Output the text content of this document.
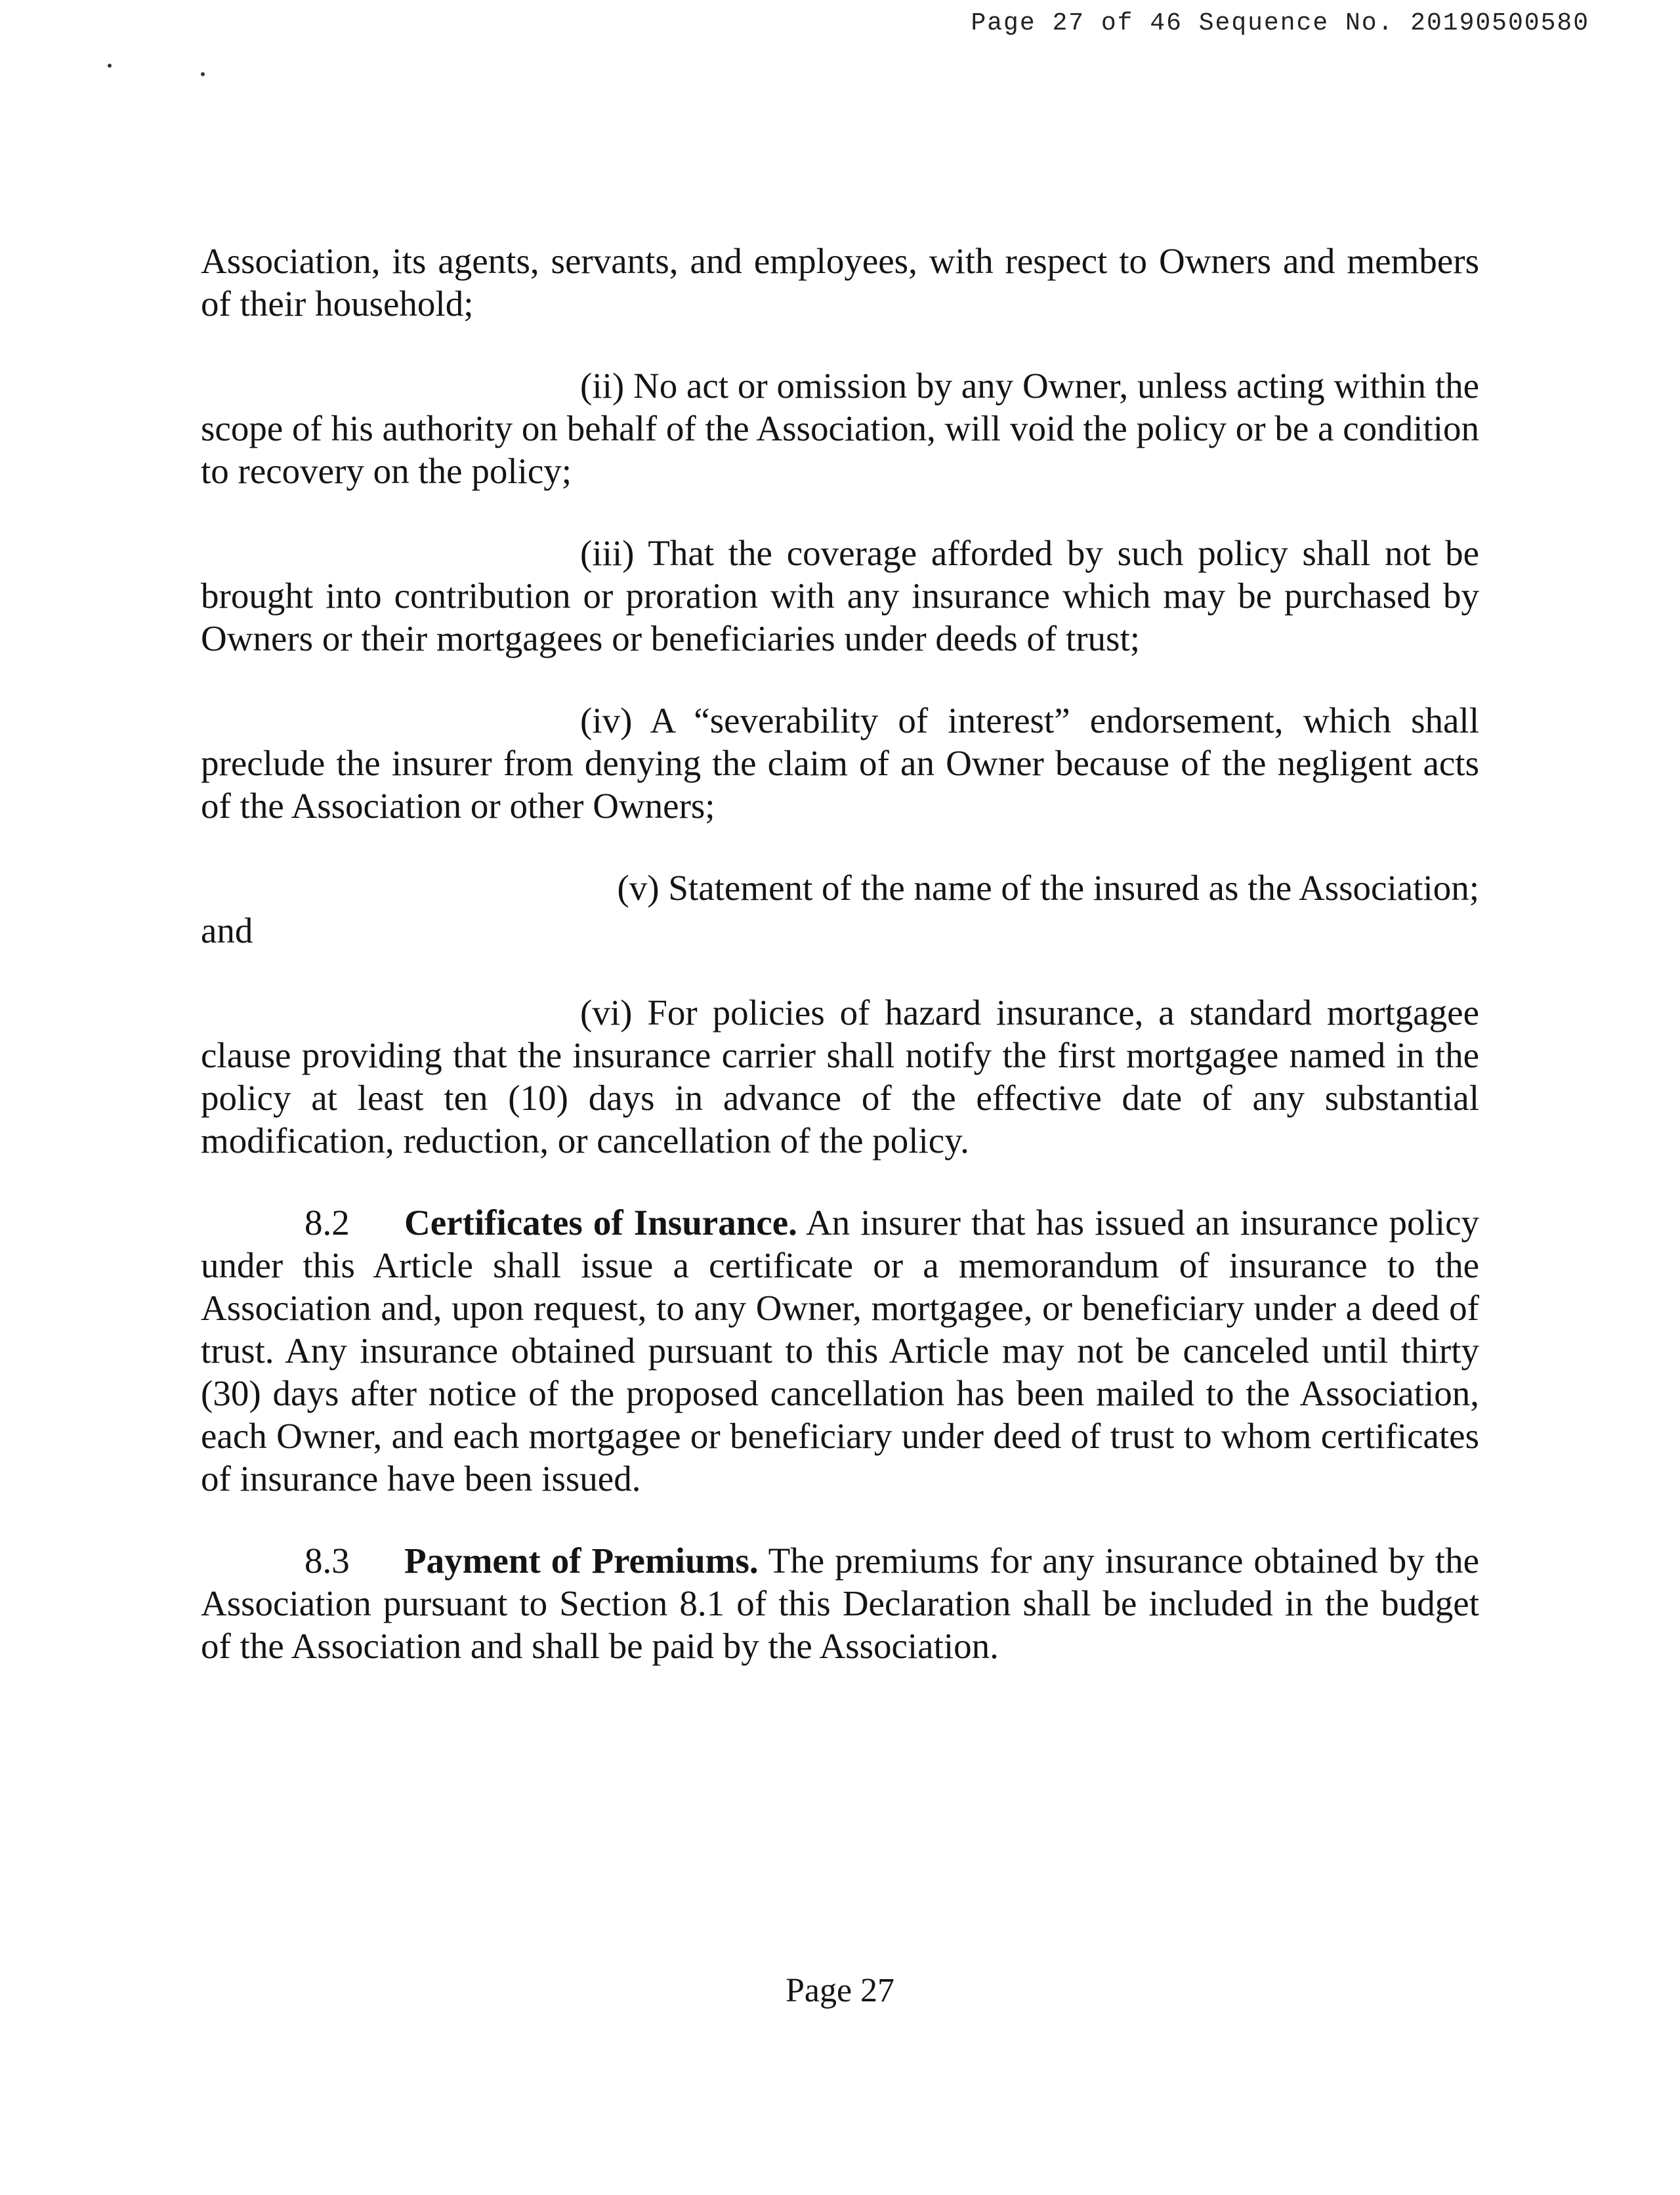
Page 27 of 46 Sequence No. 20190500580

Association, its agents, servants, and employees, with respect to Owners and members of their household;

(ii) No act or omission by any Owner, unless acting within the scope of his authority on behalf of the Association, will void the policy or be a condition to recovery on the policy;

(iii) That the coverage afforded by such policy shall not be brought into contribution or proration with any insurance which may be purchased by Owners or their mortgagees or beneficiaries under deeds of trust;

(iv) A “severability of interest” endorsement, which shall preclude the insurer from denying the claim of an Owner because of the negligent acts of the Association or other Owners;

(v) Statement of the name of the insured as the Association;

and

(vi) For policies of hazard insurance, a standard mortgagee clause providing that the insurance carrier shall notify the first mortgagee named in the policy at least ten (10) days in advance of the effective date of any substantial modification, reduction, or cancellation of the policy.

8.2 Certificates of Insurance. An insurer that has issued an insurance policy under this Article shall issue a certificate or a memorandum of insurance to the Association and, upon request, to any Owner, mortgagee, or beneficiary under a deed of trust. Any insurance obtained pursuant to this Article may not be canceled until thirty (30) days after notice of the proposed cancellation has been mailed to the Association, each Owner, and each mortgagee or beneficiary under deed of trust to whom certificates of insurance have been issued.

8.3 Payment of Premiums. The premiums for any insurance obtained by the Association pursuant to Section 8.1 of this Declaration shall be included in the budget of the Association and shall be paid by the Association.

Page 27
